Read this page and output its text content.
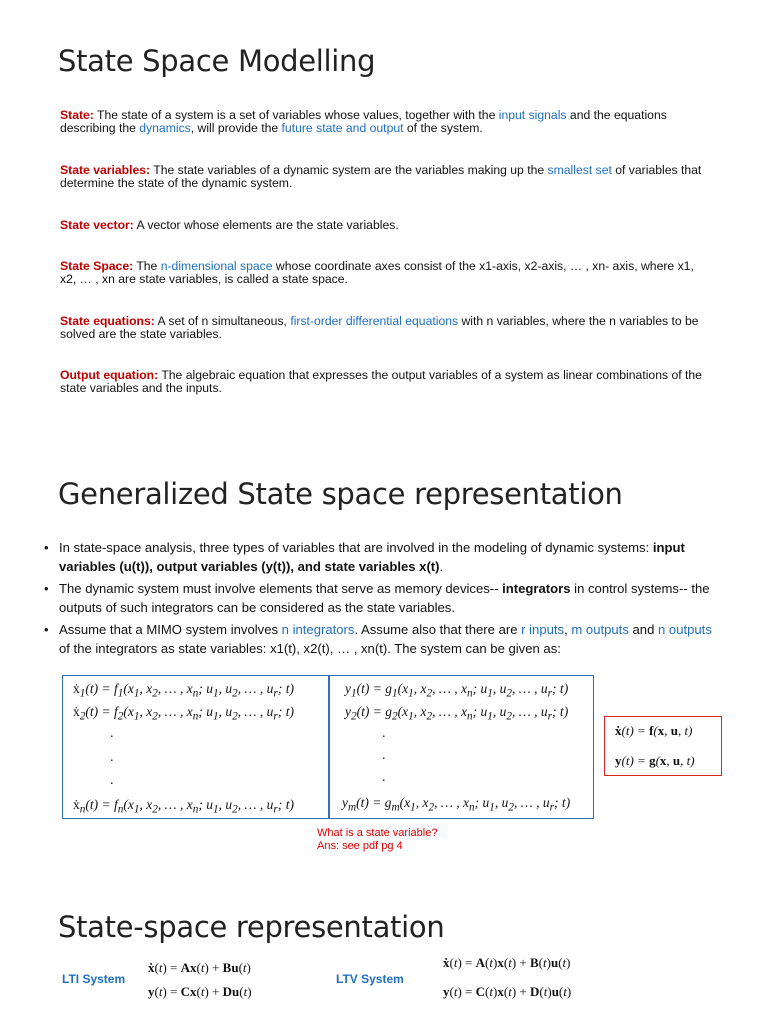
State Space Modelling

State: The state of a system is a set of variables whose values, together with the input signals and the equations describing the dynamics, will provide the future state and output of the system.

State variables: The state variables of a dynamic system are the variables making up the smallest set of variables that determine the state of the dynamic system.

State vector: A vector whose elements are the state variables.

State Space: The n-dimensional space whose coordinate axes consist of the x1-axis, x2-axis, … , xn- axis, where x1, x2, … , xn are state variables, is called a state space.

State equations: A set of n simultaneous, first-order differential equations with n variables, where the n variables to be solved are the state variables.

Output equation: The algebraic equation that expresses the output variables of a system as linear combinations of the state variables and the inputs.

Generalized State space representation
• In state-space analysis, three types of variables that are involved in the modeling of dynamic systems: input variables (u(t)), output variables (y(t)), and state variables x(t).
• The dynamic system must involve elements that serve as memory devices-- integrators in control systems-- the outputs of such integrators can be considered as the state variables.
• Assume that a MIMO system involves n integrators. Assume also that there are r inputs, m outputs and n outputs of the integrators as state variables: x1(t), x2(t), … , xn(t). The system can be given as:
ẋ$_1$(t) = $f_1(x_1$, $x_2$, … , $x_n$; $u_1$, $u_2$, … , $u_r$; t)
ẋ$_2$(t) = $f_2(x_1$, $x_2$, … , $x_n$; $u_1$, $u_2$, … , $u_r$; t)
.
.
.
ẋ$_n$(t) = $f_n(x_1$, $x_2$, … , $x_n$; $u_1$, $u_2$, … , $u_r$; t)
$y_1(t) = g_1(x_1$, $x_2$, … , $x_n$; $u_1$, $u_2$, … , $u_r$; t)
$y_2(t) = g_2(x_1$, $x_2$, … , $x_n$; $u_1$, $u_2$, … , $u_r$; t)
.
.
.
$y_m(t) = g_m(x_1$, $x_2$, … , $x_n$; $u_1$, $u_2$, … , $u_r$; t)
ẋ(t) = f(x, u, t)
y(t) = g(x, u, t)

What is a state variable?
Ans: see pdf pg 4

State-space representation
LTI System
ẋ(t) = Ax(t) + Bu(t)
y(t) = Cx(t) + Du(t)
LTV System
ẋ(t) = A(t)x(t) + B(t)u(t)
y(t) = C(t)x(t) + D(t)u(t)
